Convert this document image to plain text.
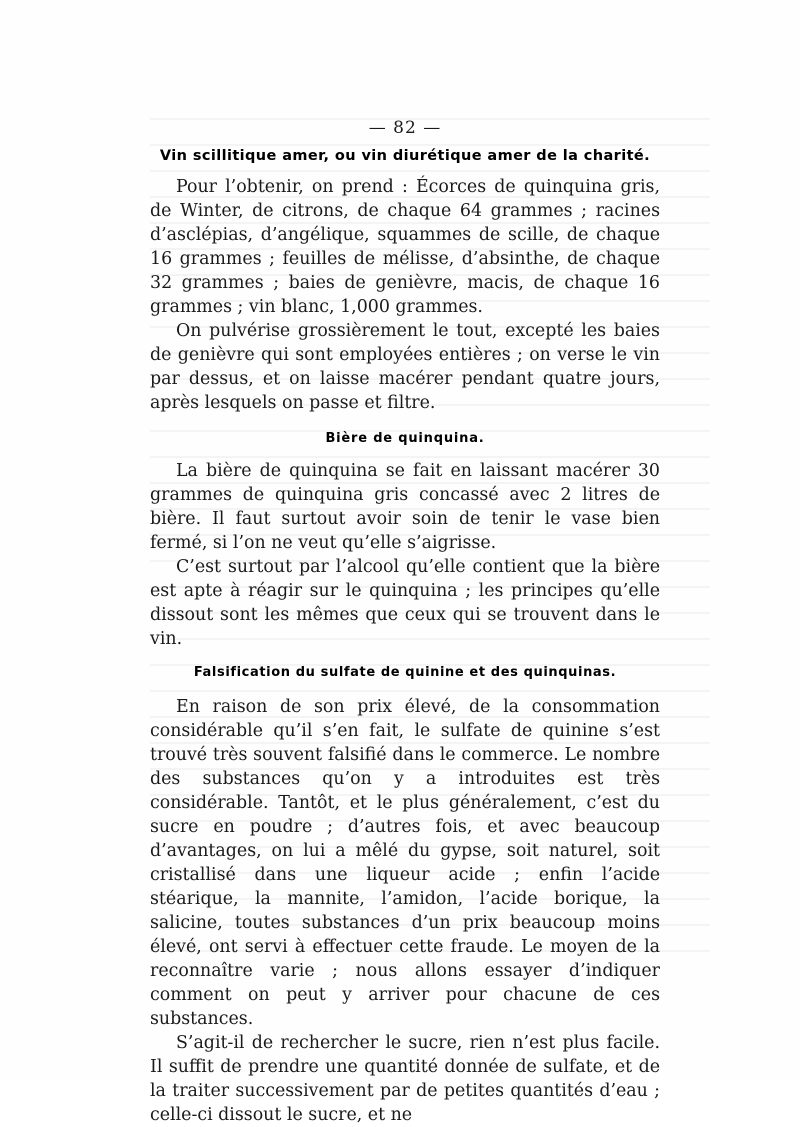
— 82 —
Vin scillitique amer, ou vin diurétique amer de la charité.

Pour l’obtenir, on prend : Écorces de quinquina gris, de Winter, de citrons, de chaque 64 grammes ; racines d’asclépias, d’angélique, squammes de scille, de chaque 16 grammes ; feuilles de mélisse, d’absinthe, de chaque 32 grammes ; baies de genièvre, macis, de chaque 16 grammes ; vin blanc, 1,000 grammes.

On pulvérise grossièrement le tout, excepté les baies de genièvre qui sont employées entières ; on verse le vin par dessus, et on laisse macérer pendant quatre jours, après lesquels on passe et filtre.

Bière de quinquina.

La bière de quinquina se fait en laissant macérer 30 grammes de quinquina gris concassé avec 2 litres de bière. Il faut surtout avoir soin de tenir le vase bien fermé, si l’on ne veut qu’elle s’aigrisse.

C’est surtout par l’alcool qu’elle contient que la bière est apte à réagir sur le quinquina ; les principes qu’elle dissout sont les mêmes que ceux qui se trouvent dans le vin.

Falsification du sulfate de quinine et des quinquinas.

En raison de son prix élevé, de la consommation considérable qu’il s’en fait, le sulfate de quinine s’est trouvé très souvent falsifié dans le commerce. Le nombre des substances qu’on y a introduites est très considérable. Tantôt, et le plus généralement, c’est du sucre en poudre ; d’autres fois, et avec beaucoup d’avantages, on lui a mêlé du gypse, soit naturel, soit cristallisé dans une liqueur acide ; enfin l’acide stéarique, la mannite, l’amidon, l’acide borique, la salicine, toutes substances d’un prix beaucoup moins élevé, ont servi à effectuer cette fraude. Le moyen de la reconnaître varie ; nous allons essayer d’indiquer comment on peut y arriver pour chacune de ces substances.

S’agit-il de rechercher le sucre, rien n’est plus facile. Il suffit de prendre une quantité donnée de sulfate, et de la traiter successivement par de petites quantités d’eau ; celle-ci dissout le sucre, et ne
